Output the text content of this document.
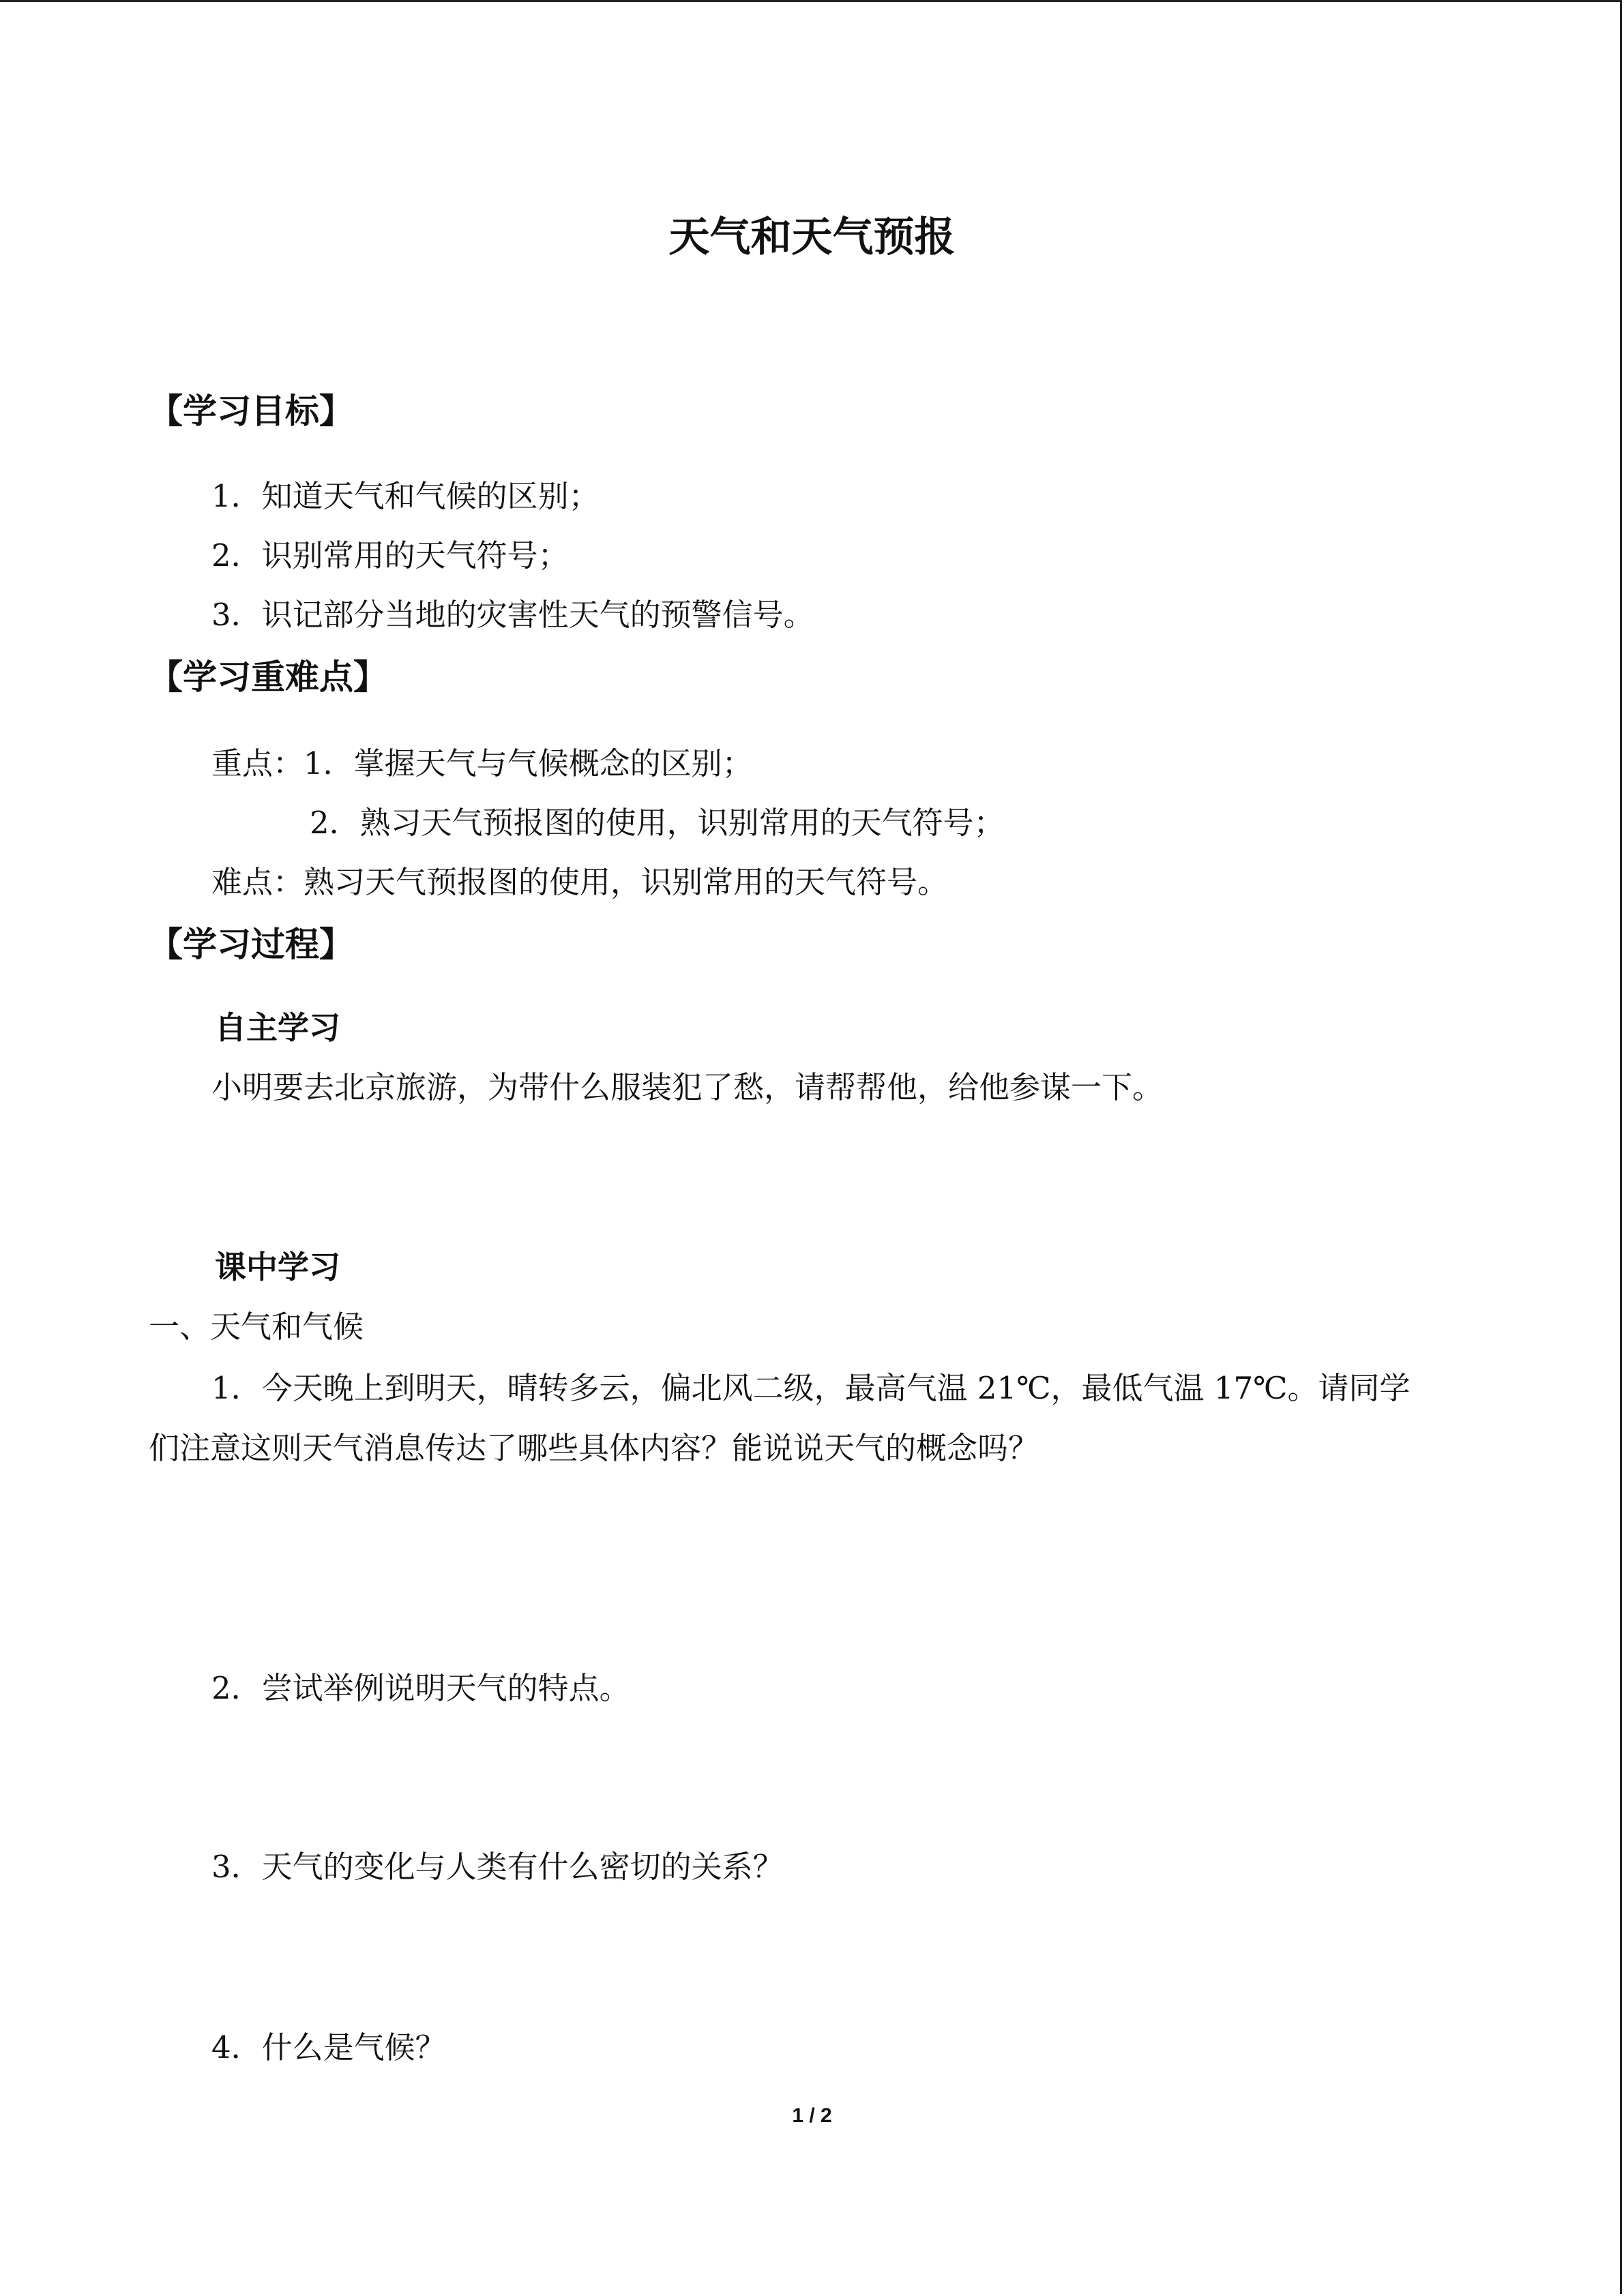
天气和天气预报
【学习目标】
1．知道天气和气候的区别；
2．识别常用的天气符号；
3．识记部分当地的灾害性天气的预警信号。
【学习重难点】
重点：1．掌握天气与气候概念的区别；
2．熟习天气预报图的使用，识别常用的天气符号；
难点：熟习天气预报图的使用，识别常用的天气符号。
【学习过程】
自主学习
小明要去北京旅游，为带什么服装犯了愁，请帮帮他，给他参谋一下。
课中学习
一、天气和气候
1．今天晚上到明天，晴转多云，偏北风二级，最高气温 21℃，最低气温 17℃。请同学
们注意这则天气消息传达了哪些具体内容？能说说天气的概念吗？
2．尝试举例说明天气的特点。
3．天气的变化与人类有什么密切的关系？
4．什么是气候？
1 / 2
